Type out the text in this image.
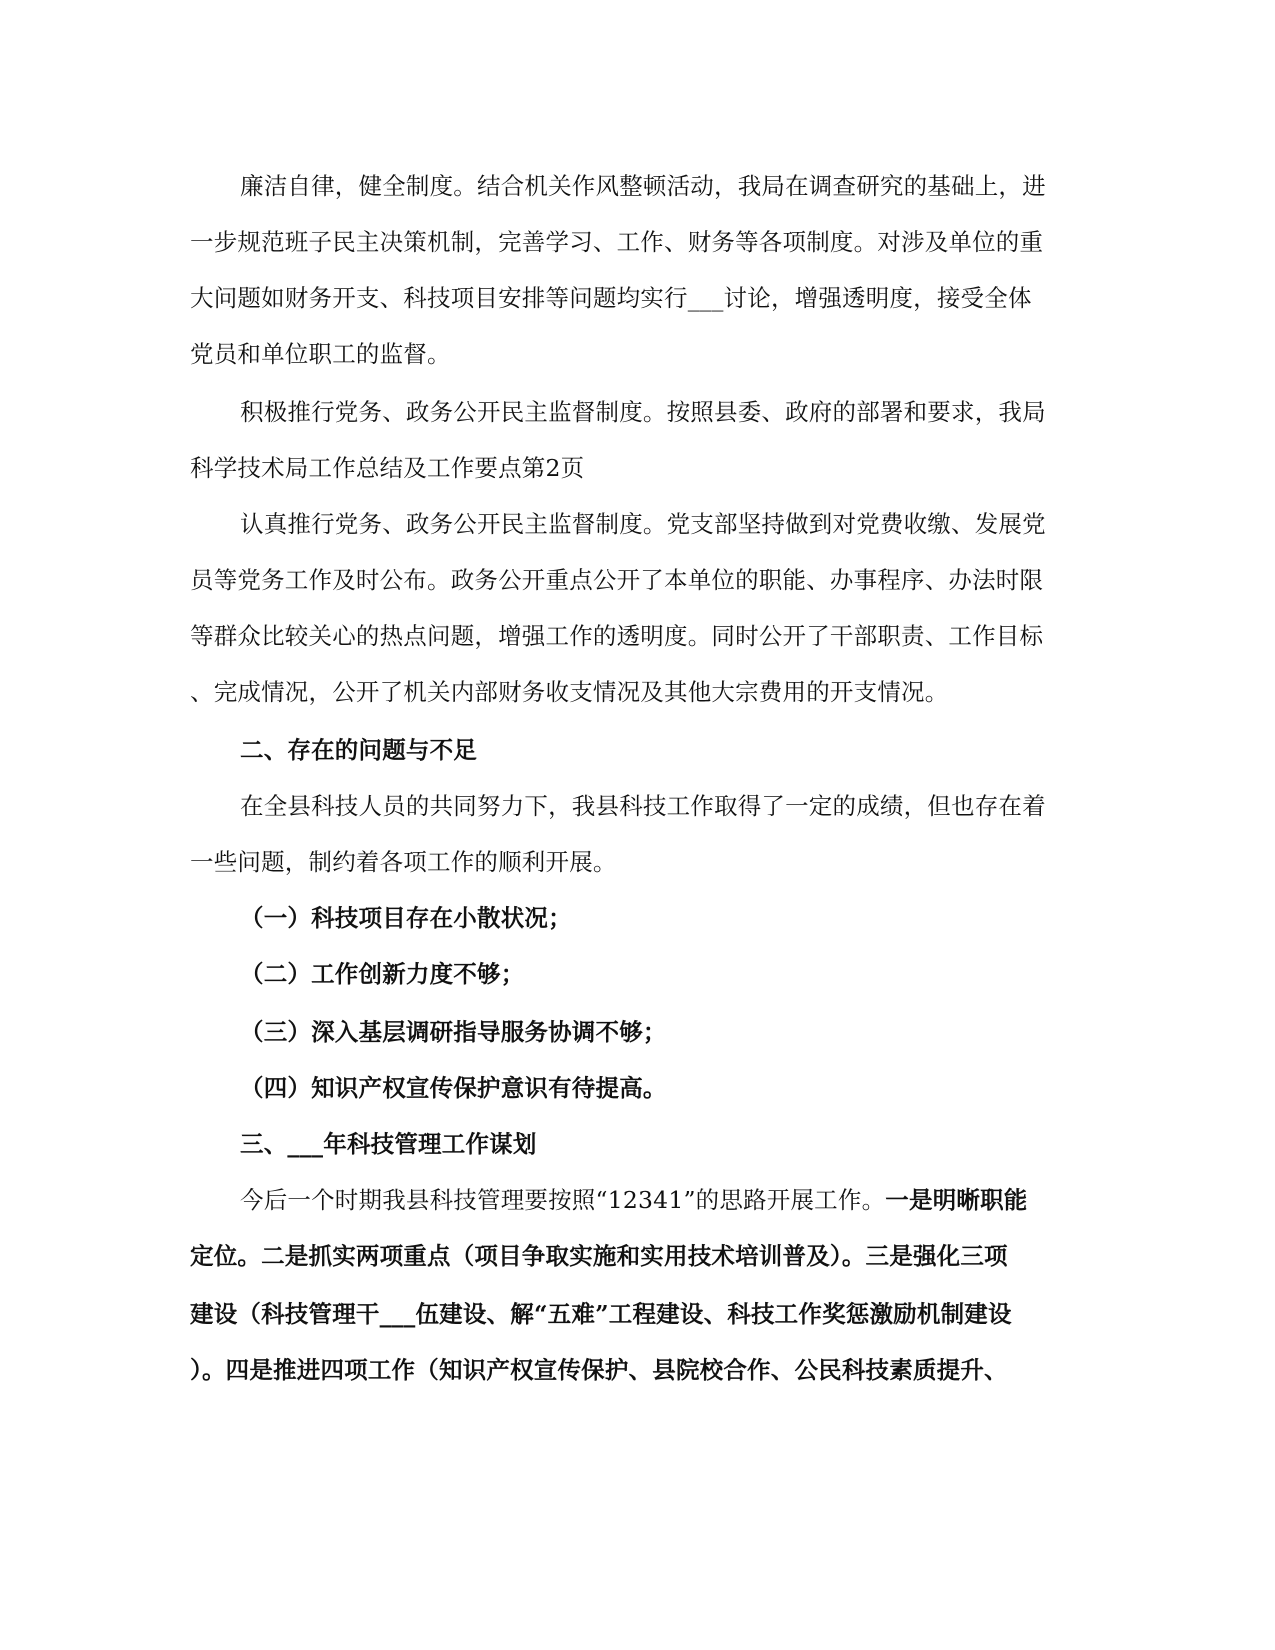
廉洁自律，健全制度。结合机关作风整顿活动，我局在调查研究的基础上，进
一步规范班子民主决策机制，完善学习、工作、财务等各项制度。对涉及单位的重
大问题如财务开支、科技项目安排等问题均实行___讨论，增强透明度，接受全体
党员和单位职工的监督。
积极推行党务、政务公开民主监督制度。按照县委、政府的部署和要求，我局
科学技术局工作总结及工作要点第2页
认真推行党务、政务公开民主监督制度。党支部坚持做到对党费收缴、发展党
员等党务工作及时公布。政务公开重点公开了本单位的职能、办事程序、办法时限
等群众比较关心的热点问题，增强工作的透明度。同时公开了干部职责、工作目标
、完成情况，公开了机关内部财务收支情况及其他大宗费用的开支情况。
二、存在的问题与不足
在全县科技人员的共同努力下，我县科技工作取得了一定的成绩，但也存在着
一些问题，制约着各项工作的顺利开展。
（一）科技项目存在小散状况；
（二）工作创新力度不够；
（三）深入基层调研指导服务协调不够；
（四）知识产权宣传保护意识有待提高。
三、___年科技管理工作谋划
今后一个时期我县科技管理要按照“12341”的思路开展工作。一是明晰职能
定位。二是抓实两项重点（项目争取实施和实用技术培训普及）。三是强化三项
建设（科技管理干___伍建设、解“五难”工程建设、科技工作奖惩激励机制建设
）。四是推进四项工作（知识产权宣传保护、县院校合作、公民科技素质提升、
